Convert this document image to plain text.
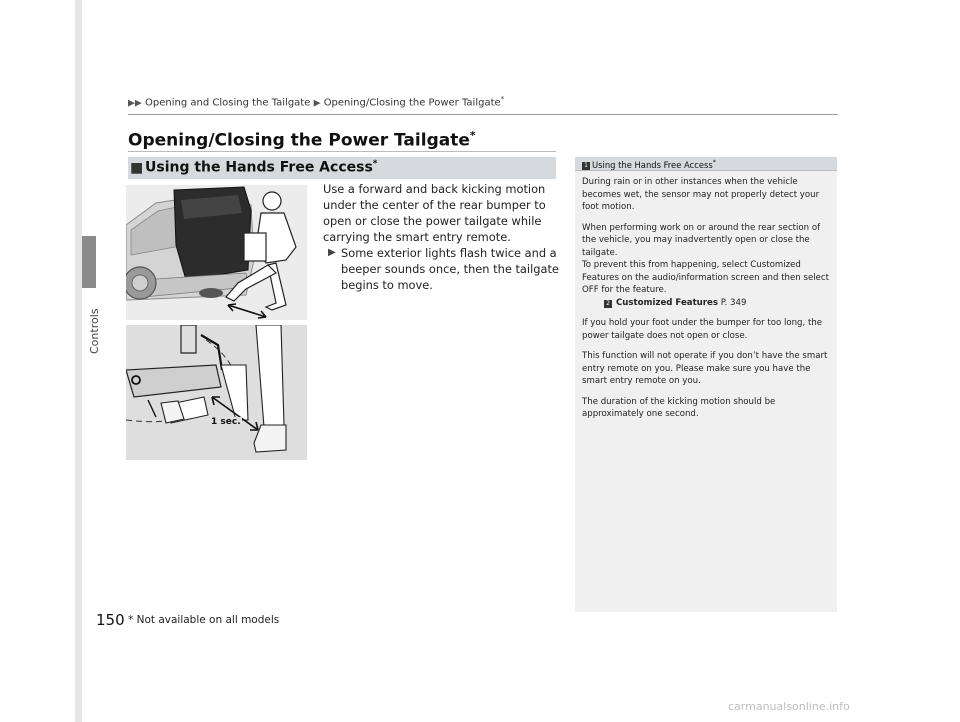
Controls
▶▶ Opening and Closing the Tailgate ▶ Opening/Closing the Power Tailgate*
Opening/Closing the Power Tailgate*
■ Using the Hands Free Access*
1 sec.
Use a forward and back kicking motion under the center of the rear bumper to open or close the power tailgate while carrying the smart entry remote.
▶ Some exterior lights flash twice and a beeper sounds once, then the tailgate begins to move.
1 Using the Hands Free Access*

During rain or in other instances when the vehicle becomes wet, the sensor may not properly detect your foot motion.

When performing work on or around the rear section of the vehicle, you may inadvertently open or close the tailgate.

To prevent this from happening, select Customized Features on the audio/information screen and then select OFF for the feature.

2 Customized Features P. 349

If you hold your foot under the bumper for too long, the power tailgate does not open or close.

This function will not operate if you don’t have the smart entry remote on you. Please make sure you have the smart entry remote on you.

The duration of the kicking motion should be approximately one second.

150 * Not available on all models
carmanualsonline.info
